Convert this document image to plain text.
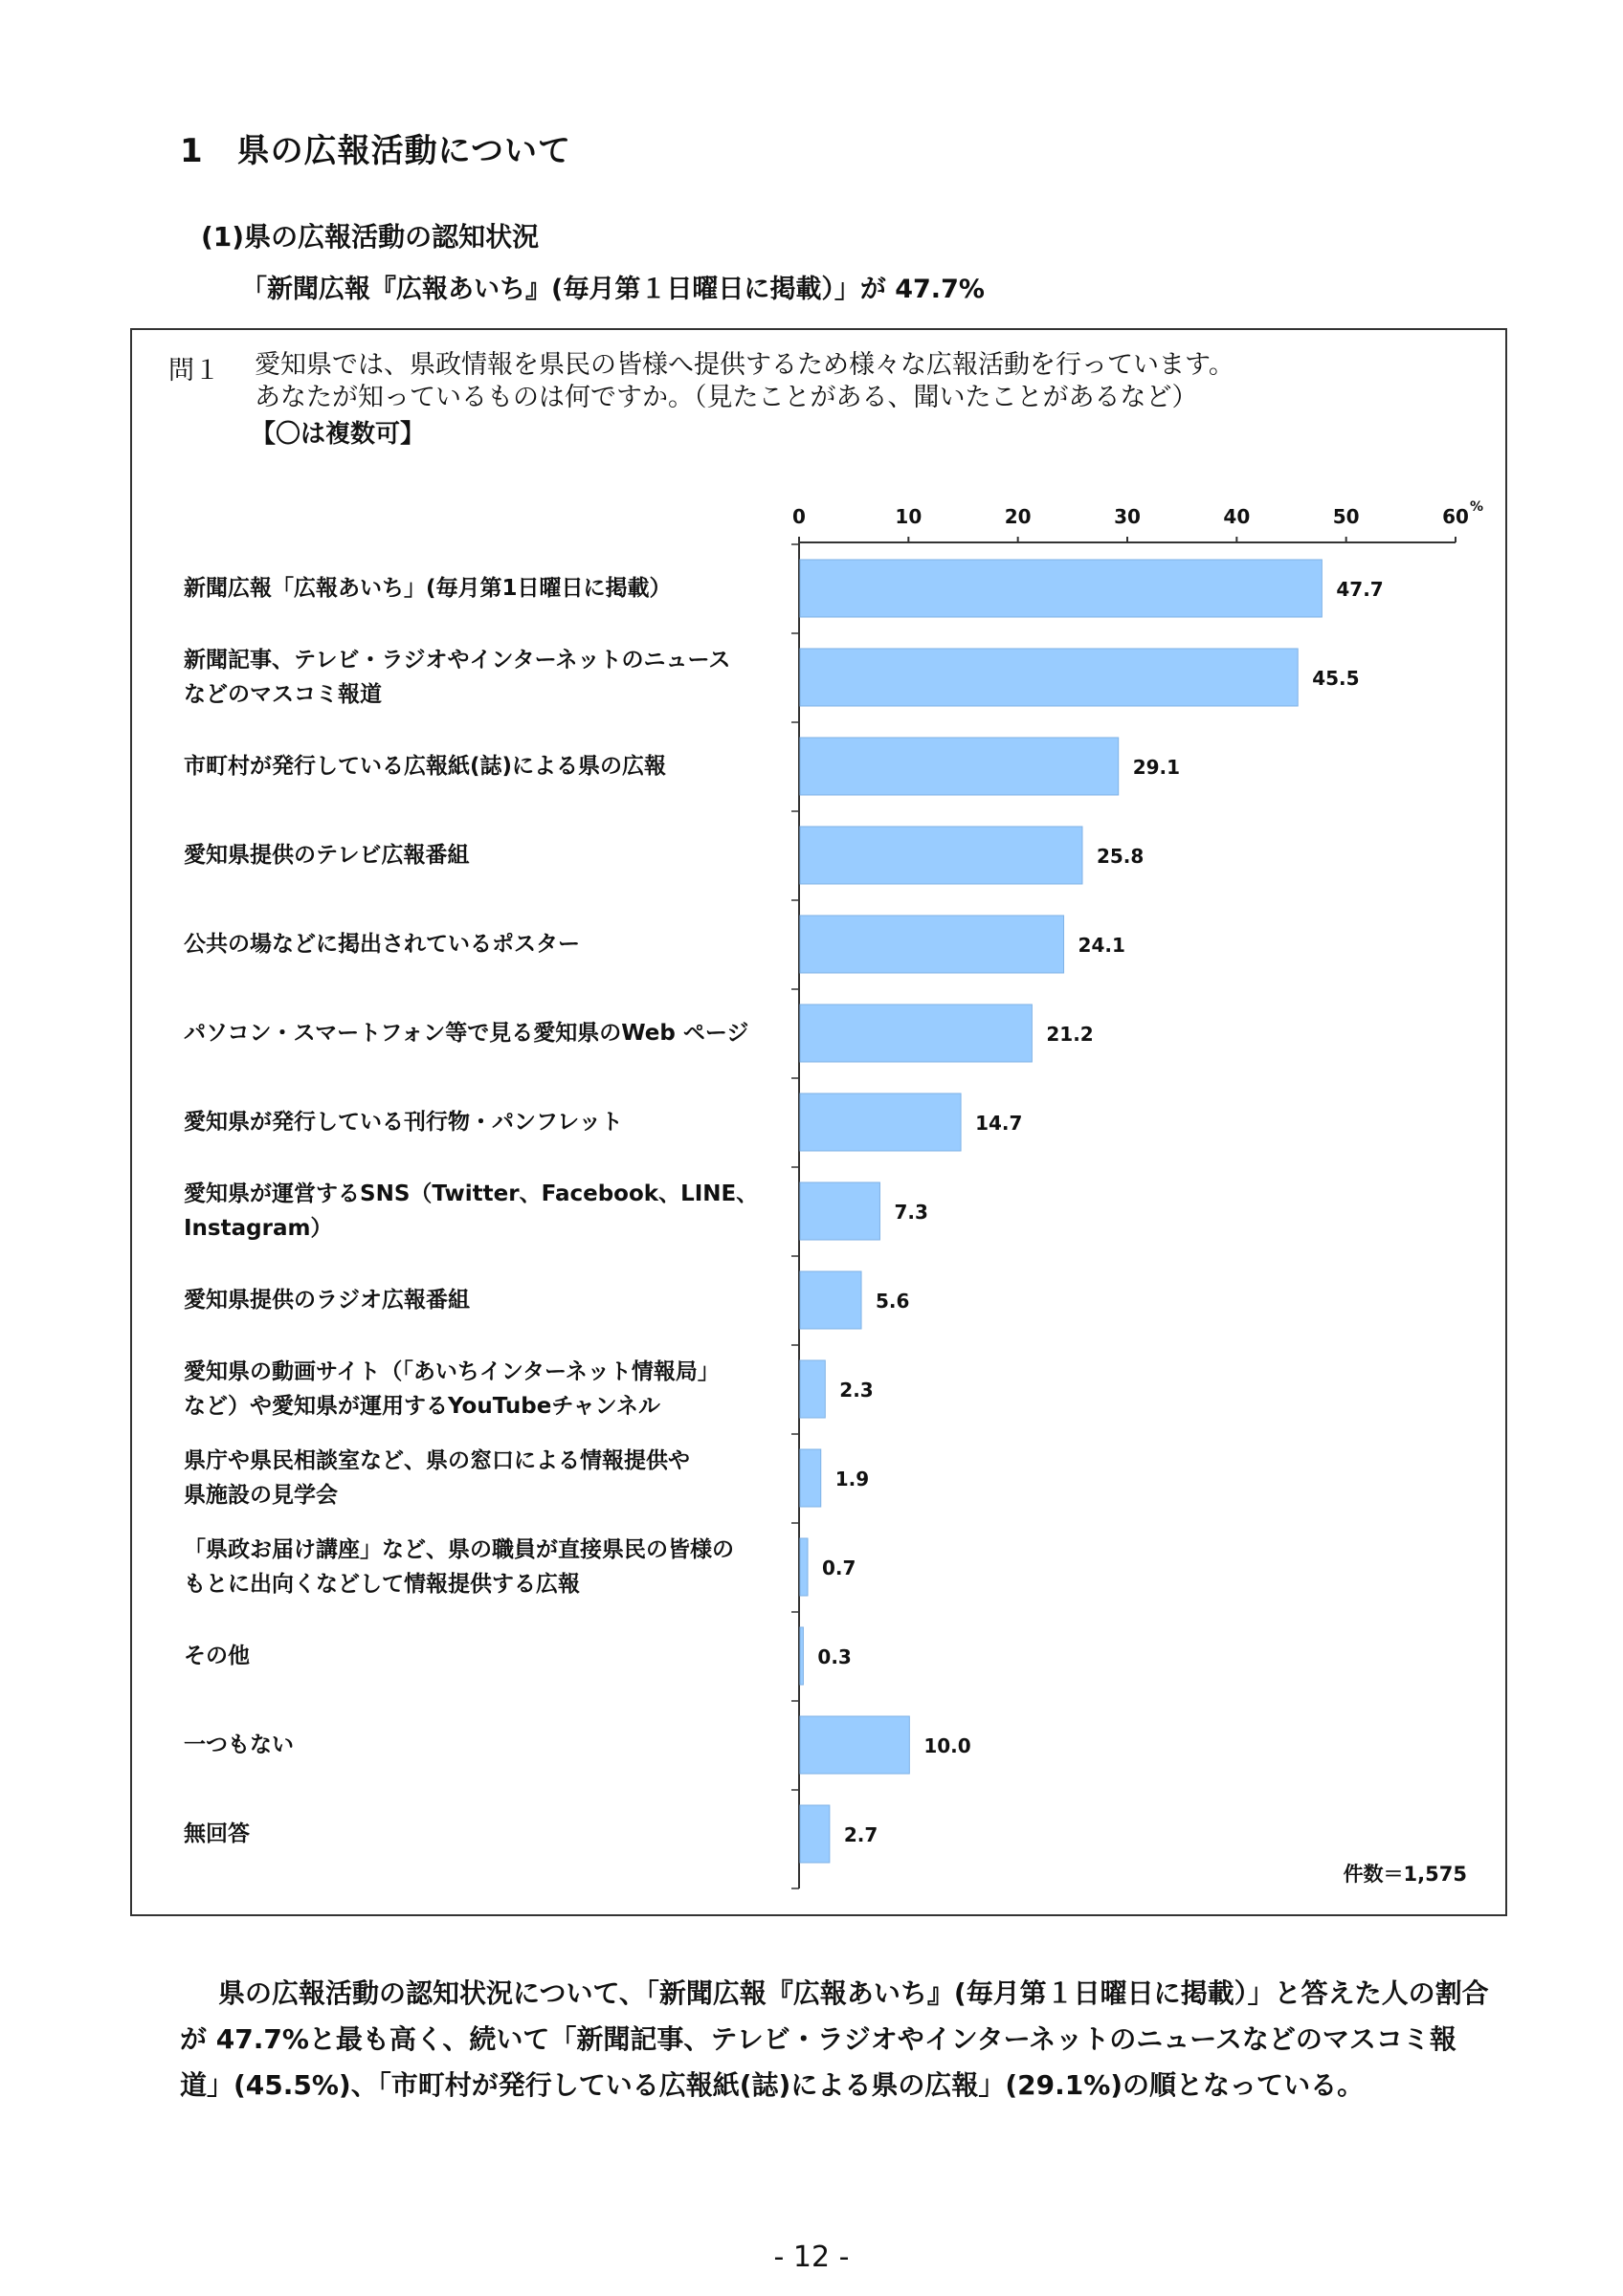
1　県の広報活動について
(1)県の広報活動の認知状況
「新聞広報『広報あいち』(毎月第１日曜日に掲載）」が 47.7%
問１ 愛知県では、県政情報を県民の皆様へ提供するため様々な広報活動を行っています。
あなたが知っているものは何ですか。（見たことがある、聞いたことがあるなど）
【〇は複数可】
0	10	20	30	40	50	60 %
新聞広報「広報あいち」(毎月第1日曜日に掲載）
新聞記事、テレビ・ラジオやインターネットのニュース
などのマスコミ報道
市町村が発行している広報紙(誌)による県の広報
愛知県提供のテレビ広報番組
公共の場などに掲出されているポスター
パソコン・スマートフォン等で見る愛知県のWeb ページ
愛知県が発行している刊行物・パンフレット
愛知県が運営するSNS（Twitter、Facebook、LINE、
Instagram）
愛知県提供のラジオ広報番組
愛知県の動画サイト（「あいちインターネット情報局」
など）や愛知県が運用するYouTubeチャンネル
県庁や県民相談室など、県の窓口による情報提供や
県施設の見学会
「県政お届け講座」など、県の職員が直接県民の皆様の
もとに出向くなどして情報提供する広報
その他
一つもない
無回答
47.7
45.5
29.1
25.8
24.1
21.2
14.7
7.3
5.6
2.3
1.9
0.7
0.3
10.0
2.7
件数＝1,575
県の広報活動の認知状況について、「新聞広報『広報あいち』(毎月第１日曜日に掲載）」と答えた人の割合が 47.7%と最も高く、続いて「新聞記事、テレビ・ラジオやインターネットのニュースなどのマスコミ報道」(45.5%)、「市町村が発行している広報紙(誌)による県の広報」(29.1%)の順となっている。
- 12 -
